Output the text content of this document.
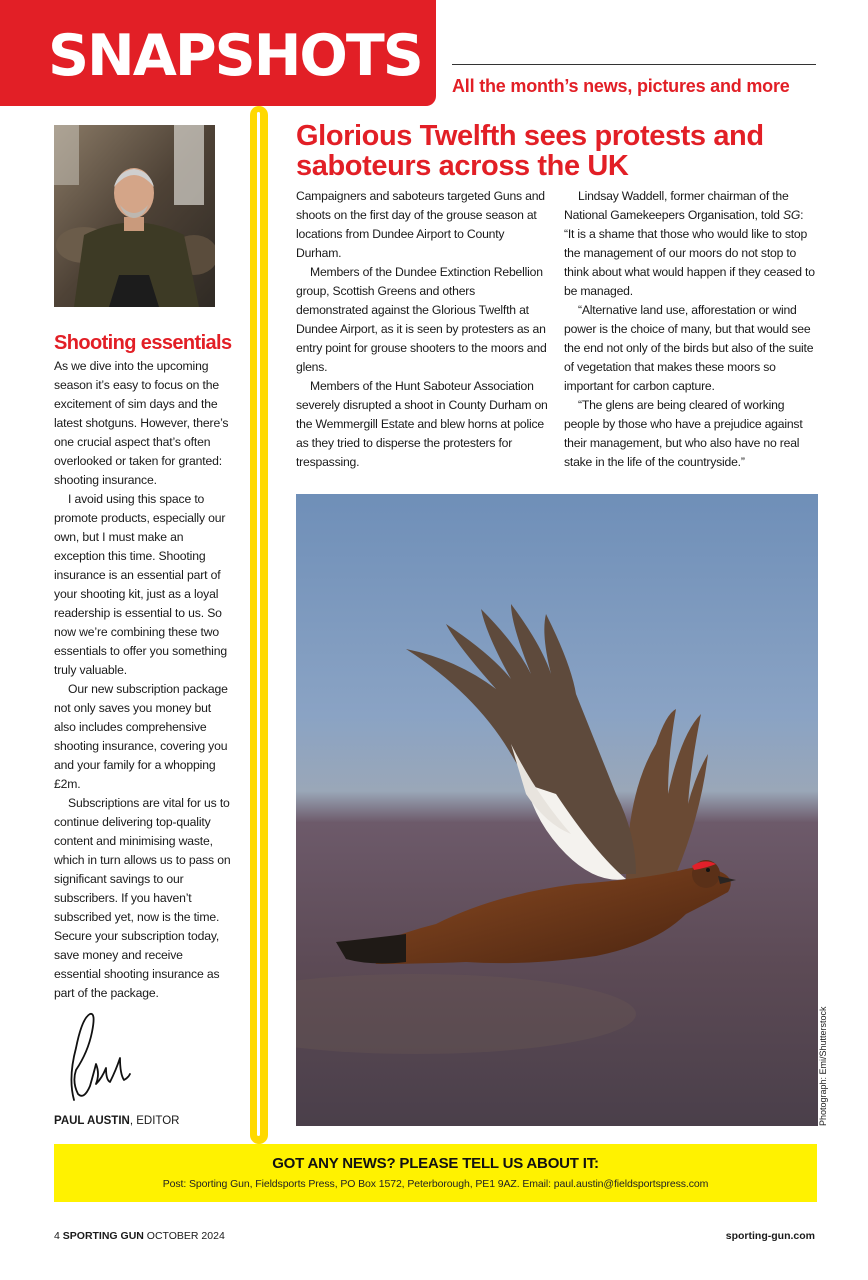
SNAPSHOTS	All the month’s news, pictures and more
Shooting essentials

As we dive into the upcoming season it’s easy to focus on the excitement of sim days and the latest shotguns. However, there’s one crucial aspect that’s often overlooked or taken for granted: shooting insurance.

I avoid using this space to promote products, especially our own, but I must make an exception this time. Shooting insurance is an essential part of your shooting kit, just as a loyal readership is essential to us. So now we’re combining these two essentials to offer you something truly valuable.

Our new subscription package not only saves you money but also includes comprehensive shooting insurance, covering you and your family for a whopping £2m.

Subscriptions are vital for us to continue delivering top-quality content and minimising waste, which in turn allows us to pass on significant savings to our subscribers. If you haven’t subscribed yet, now is the time. Secure your subscription today, save money and receive essential shooting insurance as part of the package.

PAUL AUSTIN, EDITOR
Glorious Twelfth sees protests and saboteurs across the UK

Campaigners and saboteurs targeted Guns and shoots on the first day of the grouse season at locations from Dundee Airport to County Durham.

Members of the Dundee Extinction Rebellion group, Scottish Greens and others demonstrated against the Glorious Twelfth at Dundee Airport, as it is seen by protesters as an entry point for grouse shooters to the moors and glens.

Members of the Hunt Saboteur Association severely disrupted a shoot in County Durham on the Wemmergill Estate and blew horns at police as they tried to disperse the protesters for trespassing.

Lindsay Waddell, former chairman of the National Gamekeepers Organisation, told SG: “It is a shame that those who would like to stop the management of our moors do not stop to think about what would happen if they ceased to be managed.

“Alternative land use, afforestation or wind power is the choice of many, but that would see the end not only of the birds but also of the suite of vegetation that makes these moors so important for carbon capture.

“The glens are being cleared of working people by those who have a prejudice against their management, but who also have no real stake in the life of the countryside.”

Photograph: Emi/Shutterstock
GOT ANY NEWS? PLEASE TELL US ABOUT IT:
Post: Sporting Gun, Fieldsports Press, PO Box 1572, Peterborough, PE1 9AZ. Email: paul.austin@fieldsportspress.com
4 SPORTING GUN OCTOBER 2024	sporting-gun.com
